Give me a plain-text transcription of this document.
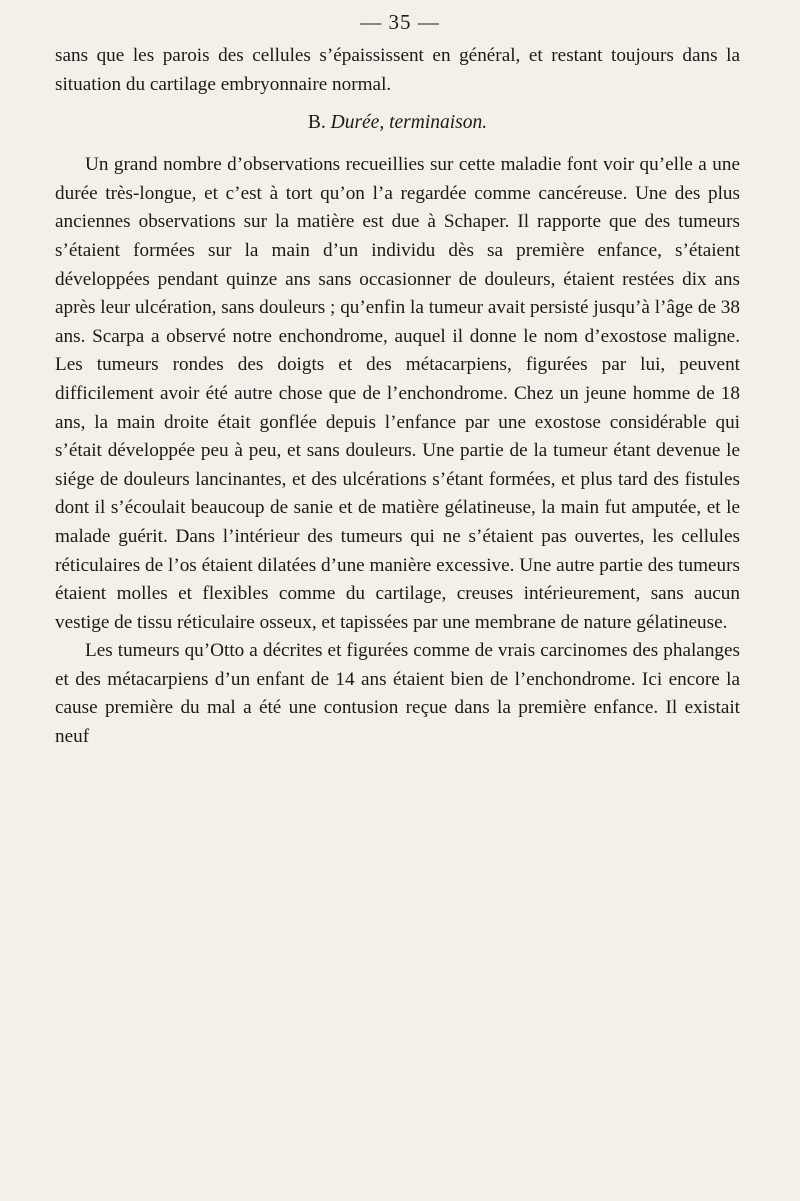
— 35 —

sans que les parois des cellules s’épaississent en général, et restant toujours dans la situation du cartilage embryonnaire normal.

B. Durée, terminaison.

Un grand nombre d’observations recueillies sur cette maladie font voir qu’elle a une durée très-longue, et c’est à tort qu’on l’a regardée comme cancéreuse. Une des plus anciennes observations sur la matière est due à Schaper. Il rapporte que des tumeurs s’étaient formées sur la main d’un individu dès sa première enfance, s’étaient développées pendant quinze ans sans occasionner de douleurs, étaient restées dix ans après leur ulcération, sans douleurs ; qu’enfin la tumeur avait persisté jusqu’à l’âge de 38 ans. Scarpa a observé notre enchondrome, auquel il donne le nom d’exostose maligne. Les tumeurs rondes des doigts et des métacarpiens, figurées par lui, peuvent difficilement avoir été autre chose que de l’enchondrome. Chez un jeune homme de 18 ans, la main droite était gonflée depuis l’enfance par une exostose considérable qui s’était développée peu à peu, et sans douleurs. Une partie de la tumeur étant devenue le siége de douleurs lancinantes, et des ulcérations s’étant formées, et plus tard des fistules dont il s’écoulait beaucoup de sanie et de matière gélatineuse, la main fut amputée, et le malade guérit. Dans l’intérieur des tumeurs qui ne s’étaient pas ouvertes, les cellules réticulaires de l’os étaient dilatées d’une manière excessive. Une autre partie des tumeurs étaient molles et flexibles comme du cartilage, creuses intérieurement, sans aucun vestige de tissu réticulaire osseux, et tapissées par une membrane de nature gélatineuse.

Les tumeurs qu’Otto a décrites et figurées comme de vrais carcinomes des phalanges et des métacarpiens d’un enfant de 14 ans étaient bien de l’enchondrome. Ici encore la cause première du mal a été une contusion reçue dans la première enfance. Il existait neuf
